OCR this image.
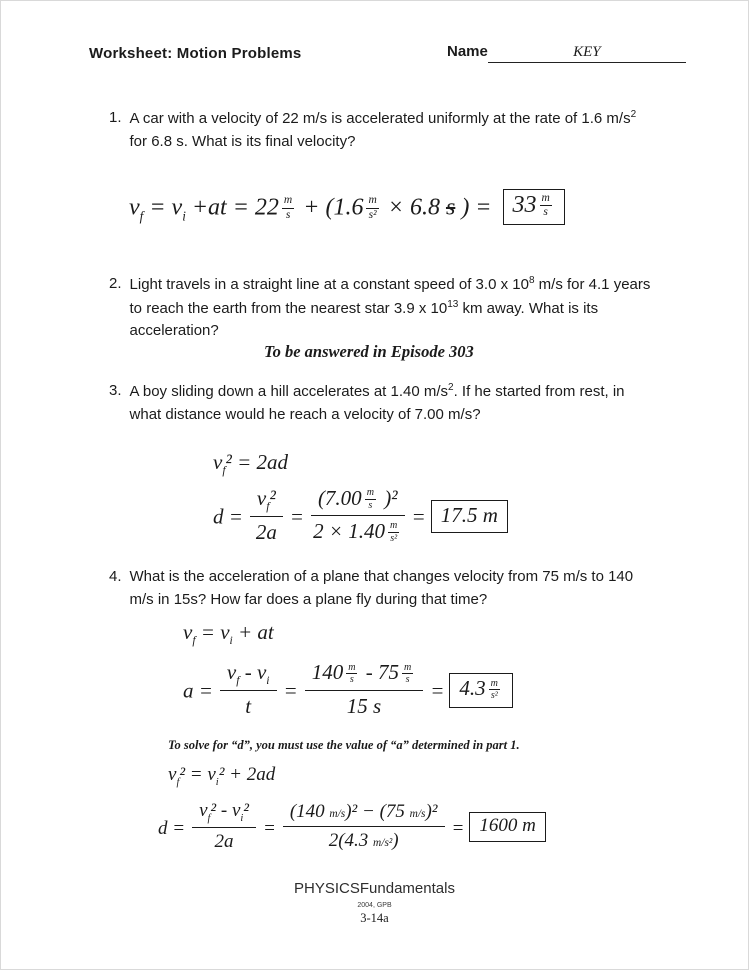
Worksheet: Motion Problems	Name	KEY
1. A car with a velocity of 22 m/s is accelerated uniformly at the rate of 1.6 $m/s^2$ for 6.8 s. What is its final velocity?
$v_f = v_i +at = 22 \frac{m}{s} + (1.6 \frac{m}{\text{s²}} \times 6.8$ s ) = $33 \frac{m}{s}$
2. Light travels in a straight line at a constant speed of 3.0 x $10^8$ m/s for 4.1 years to reach the earth from the nearest star 3.9 x $10^{13}$ km away. What is its acceleration?
To be answered in Episode 303
3. A boy sliding down a hill accelerates at 1.40 $m/s^2$. If he started from rest, in what distance would he reach a velocity of 7.00 m/s?
$v_f^2 = 2ad$
$d = \frac{v_f^2}{2a} = \frac{(7.00 \frac{m}{s} )^2}{2 \times 1.40 \frac{m}{\text{s²}}} = 17.5$ m
4. What is the acceleration of a plane that changes velocity from 75 m/s to 140 m/s in 15s? How far does a plane fly during that time?
$v_f = v_i$ + at
$a = \frac{v_f - v_i}{t} = \frac{140 \frac{m}{s} - 75 \frac{m}{s}}{15 s} = 4.3 \frac{m}{\text{s²}}$
To solve for “d”, you must use the value of “a” determined in part 1.
$v_f^2 = v_i^2 + 2ad$
$d = \frac{v_f^2 - v_i^2}{2a} = \frac{\text{(140 m/s)² − (75 m/s)²}}{\text{2(4.3 m/s²)}} = 1600$ m
PHYSICSFundamentals
2004, GPB
3-14a
